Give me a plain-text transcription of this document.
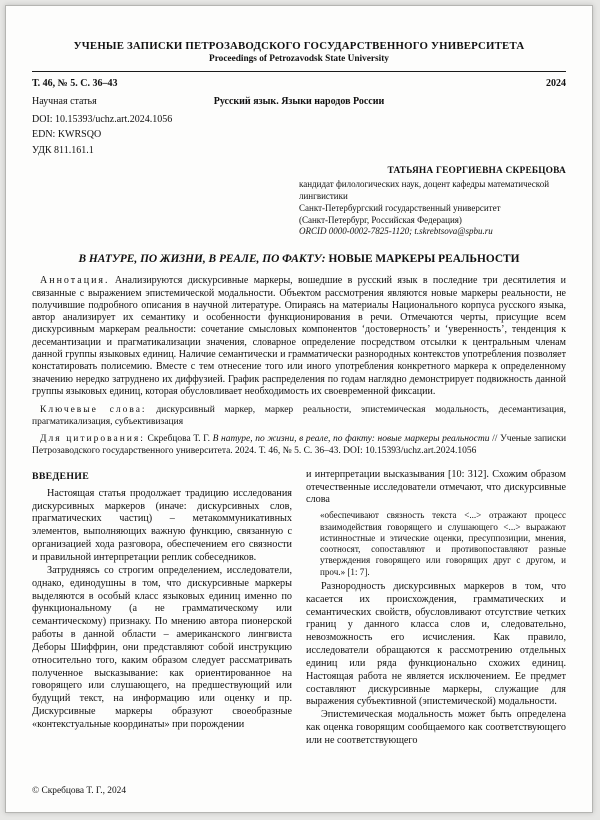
УЧЕНЫЕ ЗАПИСКИ ПЕТРОЗАВОДСКОГО ГОСУДАРСТВЕННОГО УНИВЕРСИТЕТА
Proceedings of Petrozavodsk State University
Т. 46, № 5. С. 36–43	2024
Научная статья	Русский язык. Языки народов России
DOI: 10.15393/uchz.art.2024.1056
EDN: KWRSQO
УДК 811.161.1
ТАТЬЯНА ГЕОРГИЕВНА СКРЕБЦОВА
кандидат филологических наук, доцент кафедры математической лингвистики
Санкт-Петербургский государственный университет
(Санкт-Петербург, Российская Федерация)
ORCID 0000-0002-7825-1120; t.skrebtsova@spbu.ru
В НАТУРЕ, ПО ЖИЗНИ, В РЕАЛЕ, ПО ФАКТУ: НОВЫЕ МАРКЕРЫ РЕАЛЬНОСТИ

Аннотация. Анализируются дискурсивные маркеры, вошедшие в русский язык в последние три десятилетия и связанные с выражением эпистемической модальности. Объектом рассмотрения являются новые маркеры реальности, не получившие подробного описания в научной литературе. Опираясь на материалы Национального корпуса русского языка, автор анализирует их семантику и особенности функционирования в речи. Отмечаются черты, присущие всем дискурсивным маркерам реальности: сочетание смысловых компонентов ‘достоверность’ и ‘уверенность’, тенденция к десемантизации и прагматикализации значения, словарное определение посредством отсылки к центральным членам данной группы языковых единиц. Наличие семантически и грамматически разнородных контекстов употребления позволяет констатировать полисемию. Вместе с тем отнесение того или иного употребления конкретного маркера к определенному значению нередко затруднено их диффузией. График распределения по годам наглядно демонстрирует подвижность данной группы языковых единиц, которая обусловливает необходимость их своевременной фиксации.

Ключевые слова: дискурсивный маркер, маркер реальности, эпистемическая модальность, десемантизация, прагматикализация, субъективизация

Для цитирования: Скребцова Т. Г. В натуре, по жизни, в реале, по факту: новые маркеры реальности // Ученые записки Петрозаводского государственного университета. 2024. Т. 46, № 5. С. 36–43. DOI: 10.15393/uchz.art.2024.1056

ВВЕДЕНИЕ

Настоящая статья продолжает традицию исследования дискурсивных маркеров (иначе: дискурсивных слов, прагматических частиц) – метакоммуникативных элементов, выполняющих важную функцию, связанную с организацией хода разговора, обеспечением его связности и правильной интерпретации реплик собеседников.

Затрудняясь со строгим определением, исследователи, однако, единодушны в том, что дискурсивные маркеры выделяются в особый класс языковых единиц именно по функциональному (а не грамматическому или семантическому) признаку. По мнению автора пионерской работы в данной области – американского лингвиста Деборы Шиффрин, они представляют собой инструкцию относительно того, каким образом следует рассматривать полученное высказывание: как ориентированное на говорящего или слушающего, на предшествующий или будущий текст, на информацию или оценку и пр. Дискурсивные маркеры образуют своеобразные «контекстуальные координаты» при порождении

и интерпретации высказывания [10: 312]. Схожим образом отечественные исследователи отмечают, что дискурсивные слова

«обеспечивают связность текста <...> отражают процесс взаимодействия говорящего и слушающего <...> выражают истинностные и этические оценки, пресуппозиции, мнения, соотносят, сопоставляют и противопоставляют разные утверждения говорящего или говорящих друг с другом, и проч.» [1: 7].

Разнородность дискурсивных маркеров в том, что касается их происхождения, грамматических и семантических свойств, обусловливают отсутствие четких границ у данного класса слов и, следовательно, невозможность его исчисления. Как правило, исследователи обращаются к рассмотрению отдельных единиц или ряда функционально схожих единиц. Настоящая работа не является исключением. Ее предмет составляют дискурсивные маркеры, служащие для выражения субъективной (эпистемической) модальности.

Эпистемическая модальность может быть определена как оценка говорящим сообщаемого как соответствующего или не соответствующего

© Скребцова Т. Г., 2024
